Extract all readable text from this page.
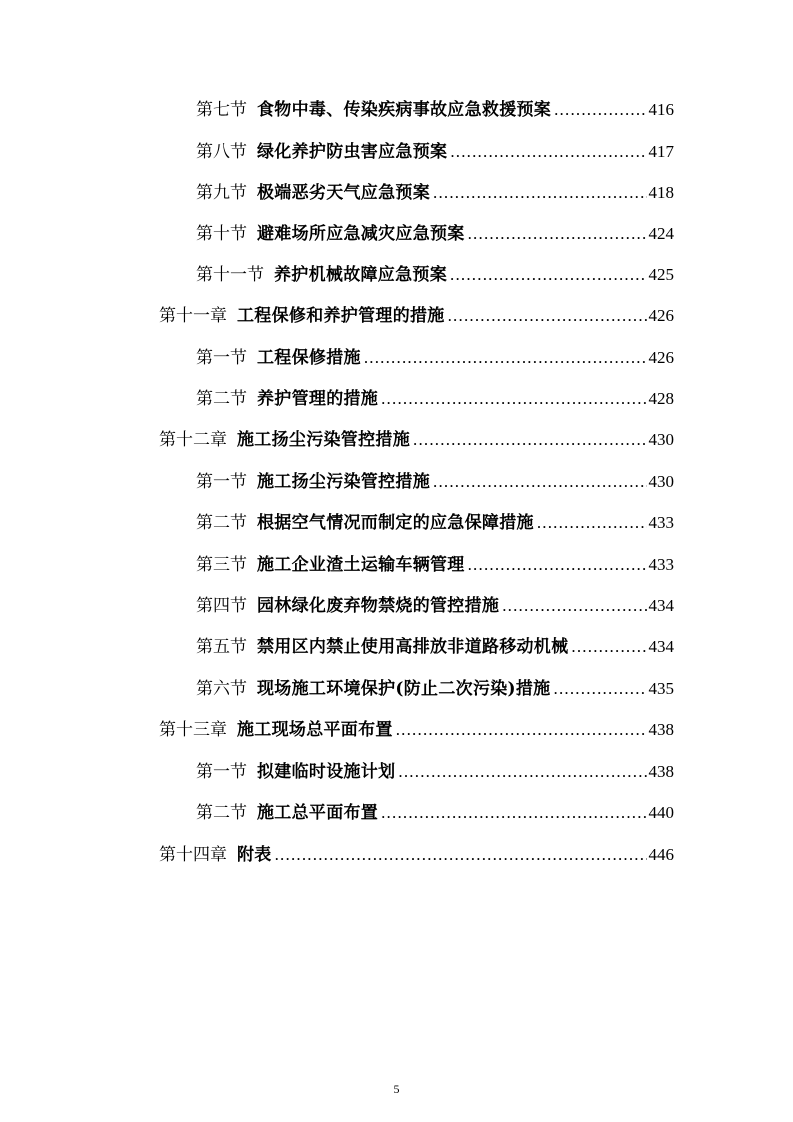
第七节 食物中毒、传染疾病事故应急救援预案 .....	416
第八节 绿化养护防虫害应急预案 .....	417
第九节 极端恶劣天气应急预案 .....	418
第十节 避难场所应急减灾应急预案 .....	424
第十一节 养护机械故障应急预案 .....	425
第十一章 工程保修和养护管理的措施 .....	426
第一节 工程保修措施 .....	426
第二节 养护管理的措施 .....	428
第十二章 施工扬尘污染管控措施 .....	430
第一节 施工扬尘污染管控措施 .....	430
第二节 根据空气情况而制定的应急保障措施 .....	433
第三节 施工企业渣土运输车辆管理 .....	433
第四节 园林绿化废弃物禁烧的管控措施 .....	434
第五节 禁用区内禁止使用高排放非道路移动机械 .....	434
第六节 现场施工环境保护(防止二次污染)措施 .....	435
第十三章 施工现场总平面布置 .....	438
第一节 拟建临时设施计划 .....	438
第二节 施工总平面布置 .....	440
第十四章 附表 .....	446
5
